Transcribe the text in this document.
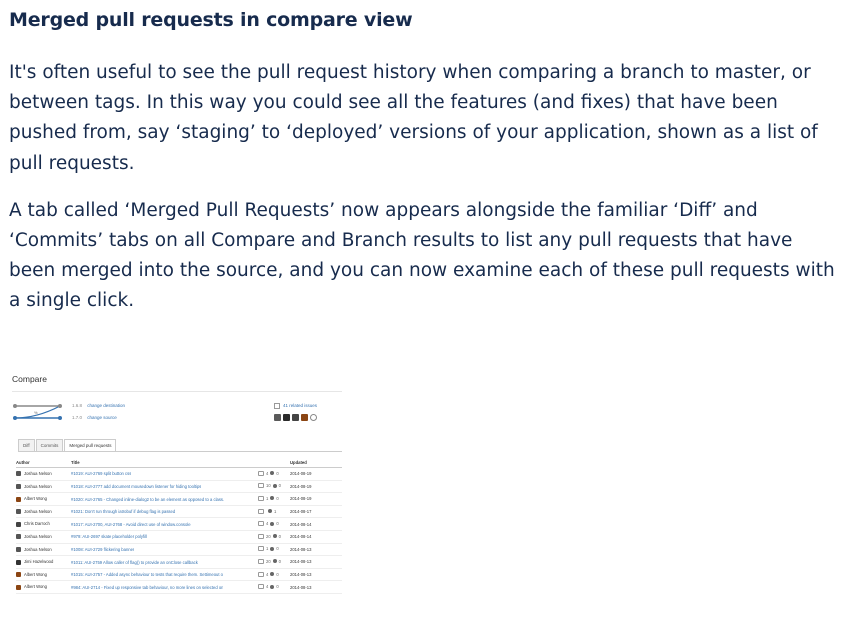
Merged pull requests in compare view

It's often useful to see the pull request history when comparing a branch to master, or between tags. In this way you could see all the features (and fixes) that have been pushed from, say ‘staging’ to ‘deployed’ versions of your application, shown as a list of pull requests.

A tab called ‘Merged Pull Requests’ now appears alongside the familiar ‘Diff’ and ‘Commits’ tabs on all Compare and Branch results to list any pull requests that have been merged into the source, and you can now examine each of these pull requests with a single click.

Compare
%
1.6.8 change destination
1.7.0 change source
41 related issues
Diff	Commits	Merged pull requests
Author	Title		Updated
Joshua Nelson	#1019: AUI-2769 split button css	4 0	2014-08-19
Joshua Nelson	#1018: AUI-2777 add document mousedown listener for hiding tooltips	10 0	2014-08-19
Albert Wong	#1020: AUI-2765 - Changed inline-dialog2 to be an element as opposed to a class.	1 0	2014-08-19
Joshua Nelson	#1021: Don't run through iatrobuf if debug flag is passed	1	2014-08-17
Chris Darroch	#1017: AUI-2700, AUI-2768 - Avoid direct use of window.console	4 0	2014-08-14
Joshua Nelson	#979: AUI-2697 skate placeholder polyfill	20 0	2014-08-14
Joshua Nelson	#1008: AUI-2729 flickering banner	1 0	2014-08-13
Jimi Hazelwood	#1011: AUI-2759 Allow caller of flag() to provide an onClose callback	20 0	2014-08-13
Albert Wong	#1015: AUI-2757 - Added async behaviour to tests that require them. Settimeout o	4 0	2014-08-13
Albert Wong	#984: AUI-2714 - Fixed up responsive tab behaviour, no more lines on selected on	4 0	2014-08-13
